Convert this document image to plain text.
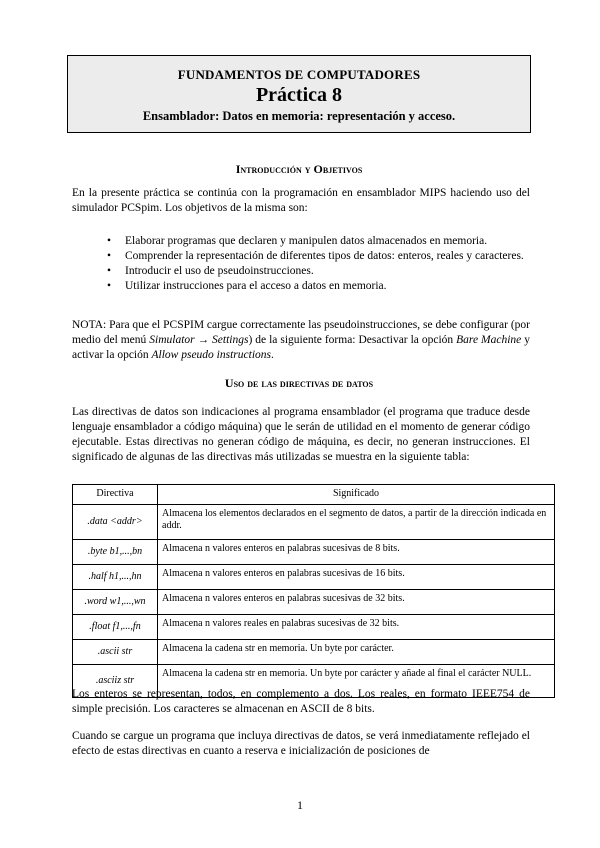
FUNDAMENTOS DE COMPUTADORES
Práctica 8
Ensamblador: Datos en memoria: representación y acceso.
Introducción y Objetivos

En la presente práctica se continúa con la programación en ensamblador MIPS haciendo uso del simulador PCSpim. Los objetivos de la misma son:

• Elaborar programas que declaren y manipulen datos almacenados en memoria.
• Comprender la representación de diferentes tipos de datos: enteros, reales y caracteres.
• Introducir el uso de pseudoinstrucciones.
• Utilizar instrucciones para el acceso a datos en memoria.

NOTA: Para que el PCSPIM cargue correctamente las pseudoinstrucciones, se debe configurar (por medio del menú Simulator → Settings) de la siguiente forma: Desactivar la opción Bare Machine y activar la opción Allow pseudo instructions.

Uso de las directivas de datos

Las directivas de datos son indicaciones al programa ensamblador (el programa que traduce desde lenguaje ensamblador a código máquina) que le serán de utilidad en el momento de generar código ejecutable. Estas directivas no generan código de máquina, es decir, no generan instrucciones. El significado de algunas de las directivas más utilizadas se muestra en la siguiente tabla:

Directiva	Significado
.data <addr>	Almacena los elementos declarados en el segmento de datos, a partir de la dirección indicada en addr.
.byte b1,...,bn	Almacena n valores enteros en palabras sucesivas de 8 bits.
.half h1,...,hn	Almacena n valores enteros en palabras sucesivas de 16 bits.
.word w1,...,wn	Almacena n valores enteros en palabras sucesivas de 32 bits.
.float f1,...,fn	Almacena n valores reales en palabras sucesivas de 32 bits.
.ascii str	Almacena la cadena str en memoria. Un byte por carácter.
.asciiz str	Almacena la cadena str en memoria. Un byte por carácter y añade al final el carácter NULL.

Los enteros se representan, todos, en complemento a dos. Los reales, en formato IEEE754 de simple precisión. Los caracteres se almacenan en ASCII de 8 bits.

Cuando se cargue un programa que incluya directivas de datos, se verá inmediatamente reflejado el efecto de estas directivas en cuanto a reserva e inicialización de posiciones de

1
